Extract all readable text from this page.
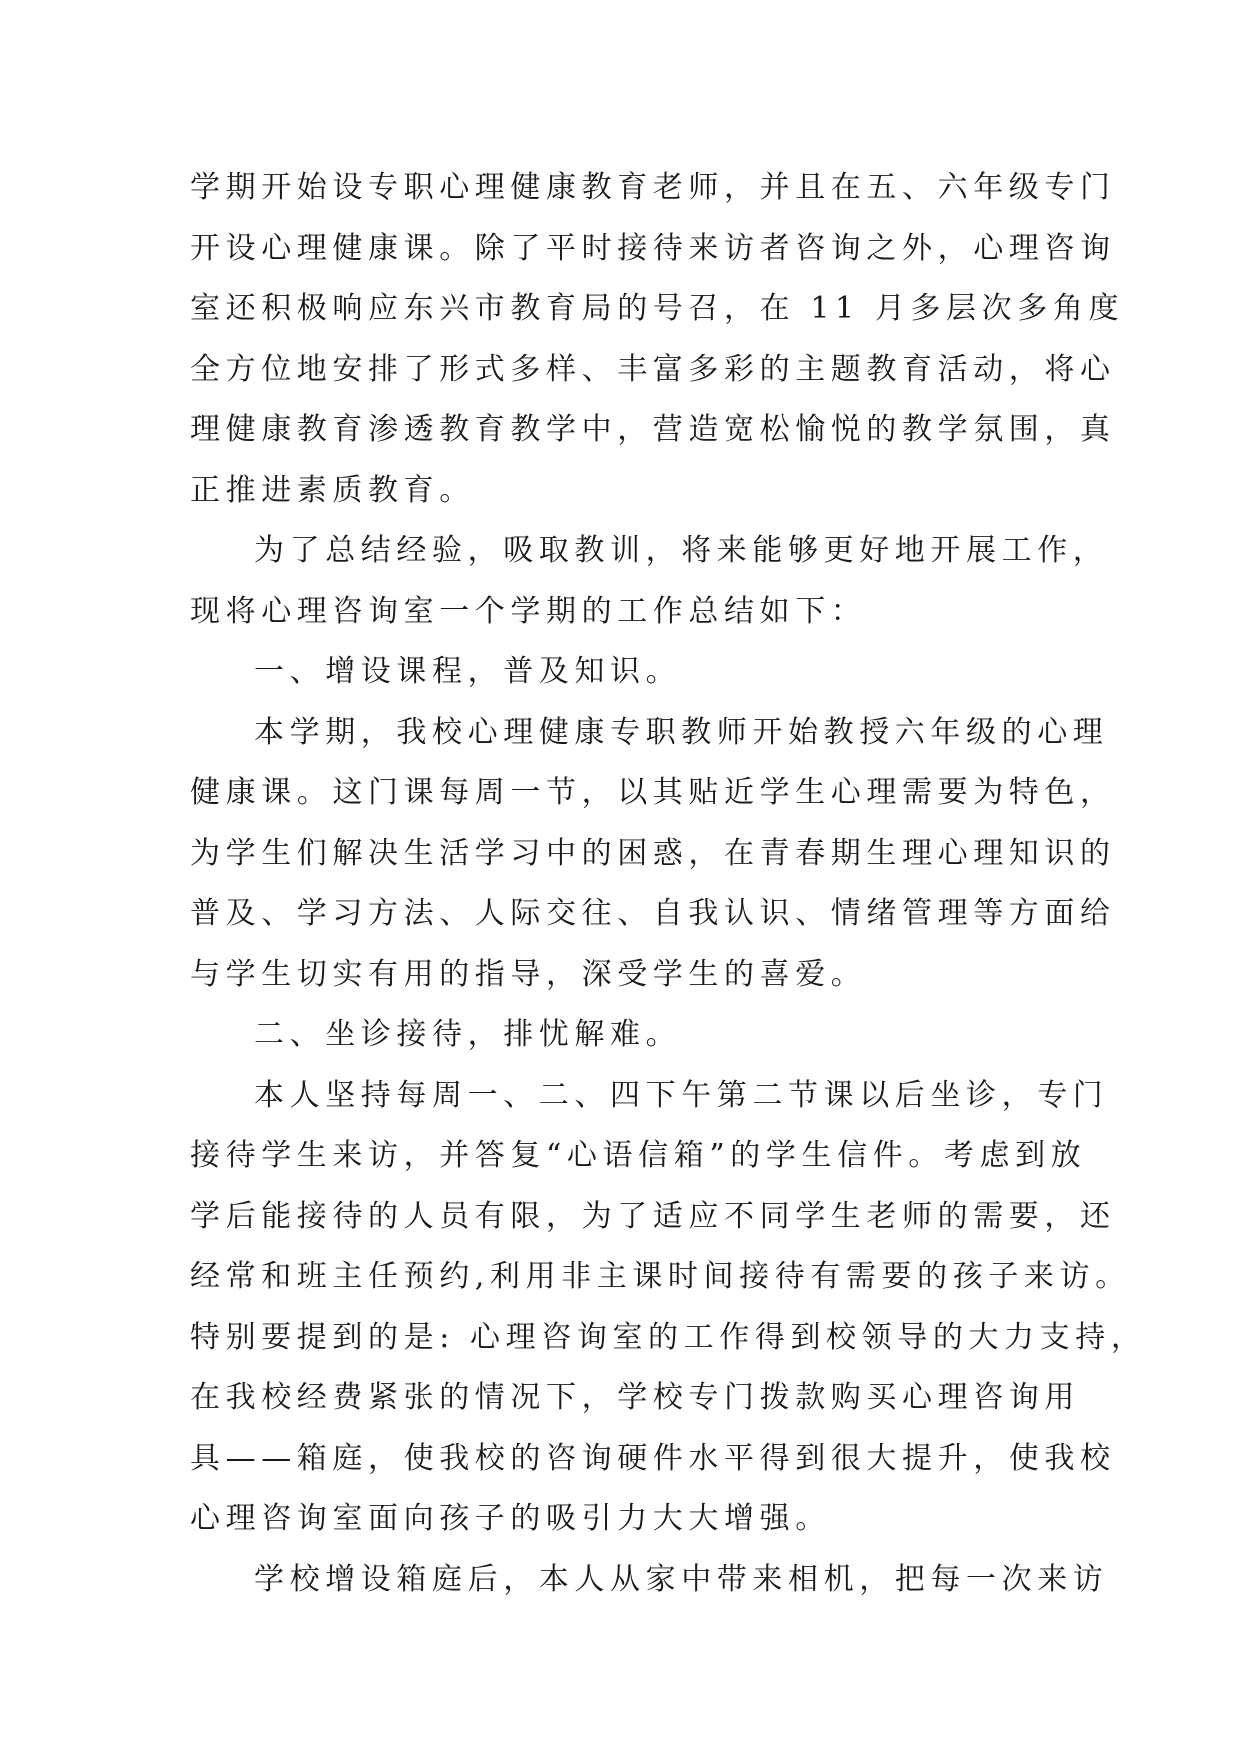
学期开始设专职心理健康教育老师，并且在五、六年级专门
开设心理健康课。除了平时接待来访者咨询之外，心理咨询
室还积极响应东兴市教育局的号召，在 11 月多层次多角度
全方位地安排了形式多样、丰富多彩的主题教育活动，将心
理健康教育渗透教育教学中，营造宽松愉悦的教学氛围，真
正推进素质教育。
为了总结经验，吸取教训，将来能够更好地开展工作，
现将心理咨询室一个学期的工作总结如下：
一、增设课程，普及知识。
本学期，我校心理健康专职教师开始教授六年级的心理
健康课。这门课每周一节，以其贴近学生心理需要为特色，
为学生们解决生活学习中的困惑，在青春期生理心理知识的
普及、学习方法、人际交往、自我认识、情绪管理等方面给
与学生切实有用的指导，深受学生的喜爱。
二、坐诊接待，排忧解难。
本人坚持每周一、二、四下午第二节课以后坐诊，专门
接待学生来访，并答复“心语信箱”的学生信件。考虑到放
学后能接待的人员有限，为了适应不同学生老师的需要，还
经常和班主任预约,利用非主课时间接待有需要的孩子来访。
特别要提到的是: 心理咨询室的工作得到校领导的大力支持，
在我校经费紧张的情况下，学校专门拨款购买心理咨询用
具——箱庭，使我校的咨询硬件水平得到很大提升，使我校
心理咨询室面向孩子的吸引力大大增强。
学校增设箱庭后，本人从家中带来相机，把每一次来访
